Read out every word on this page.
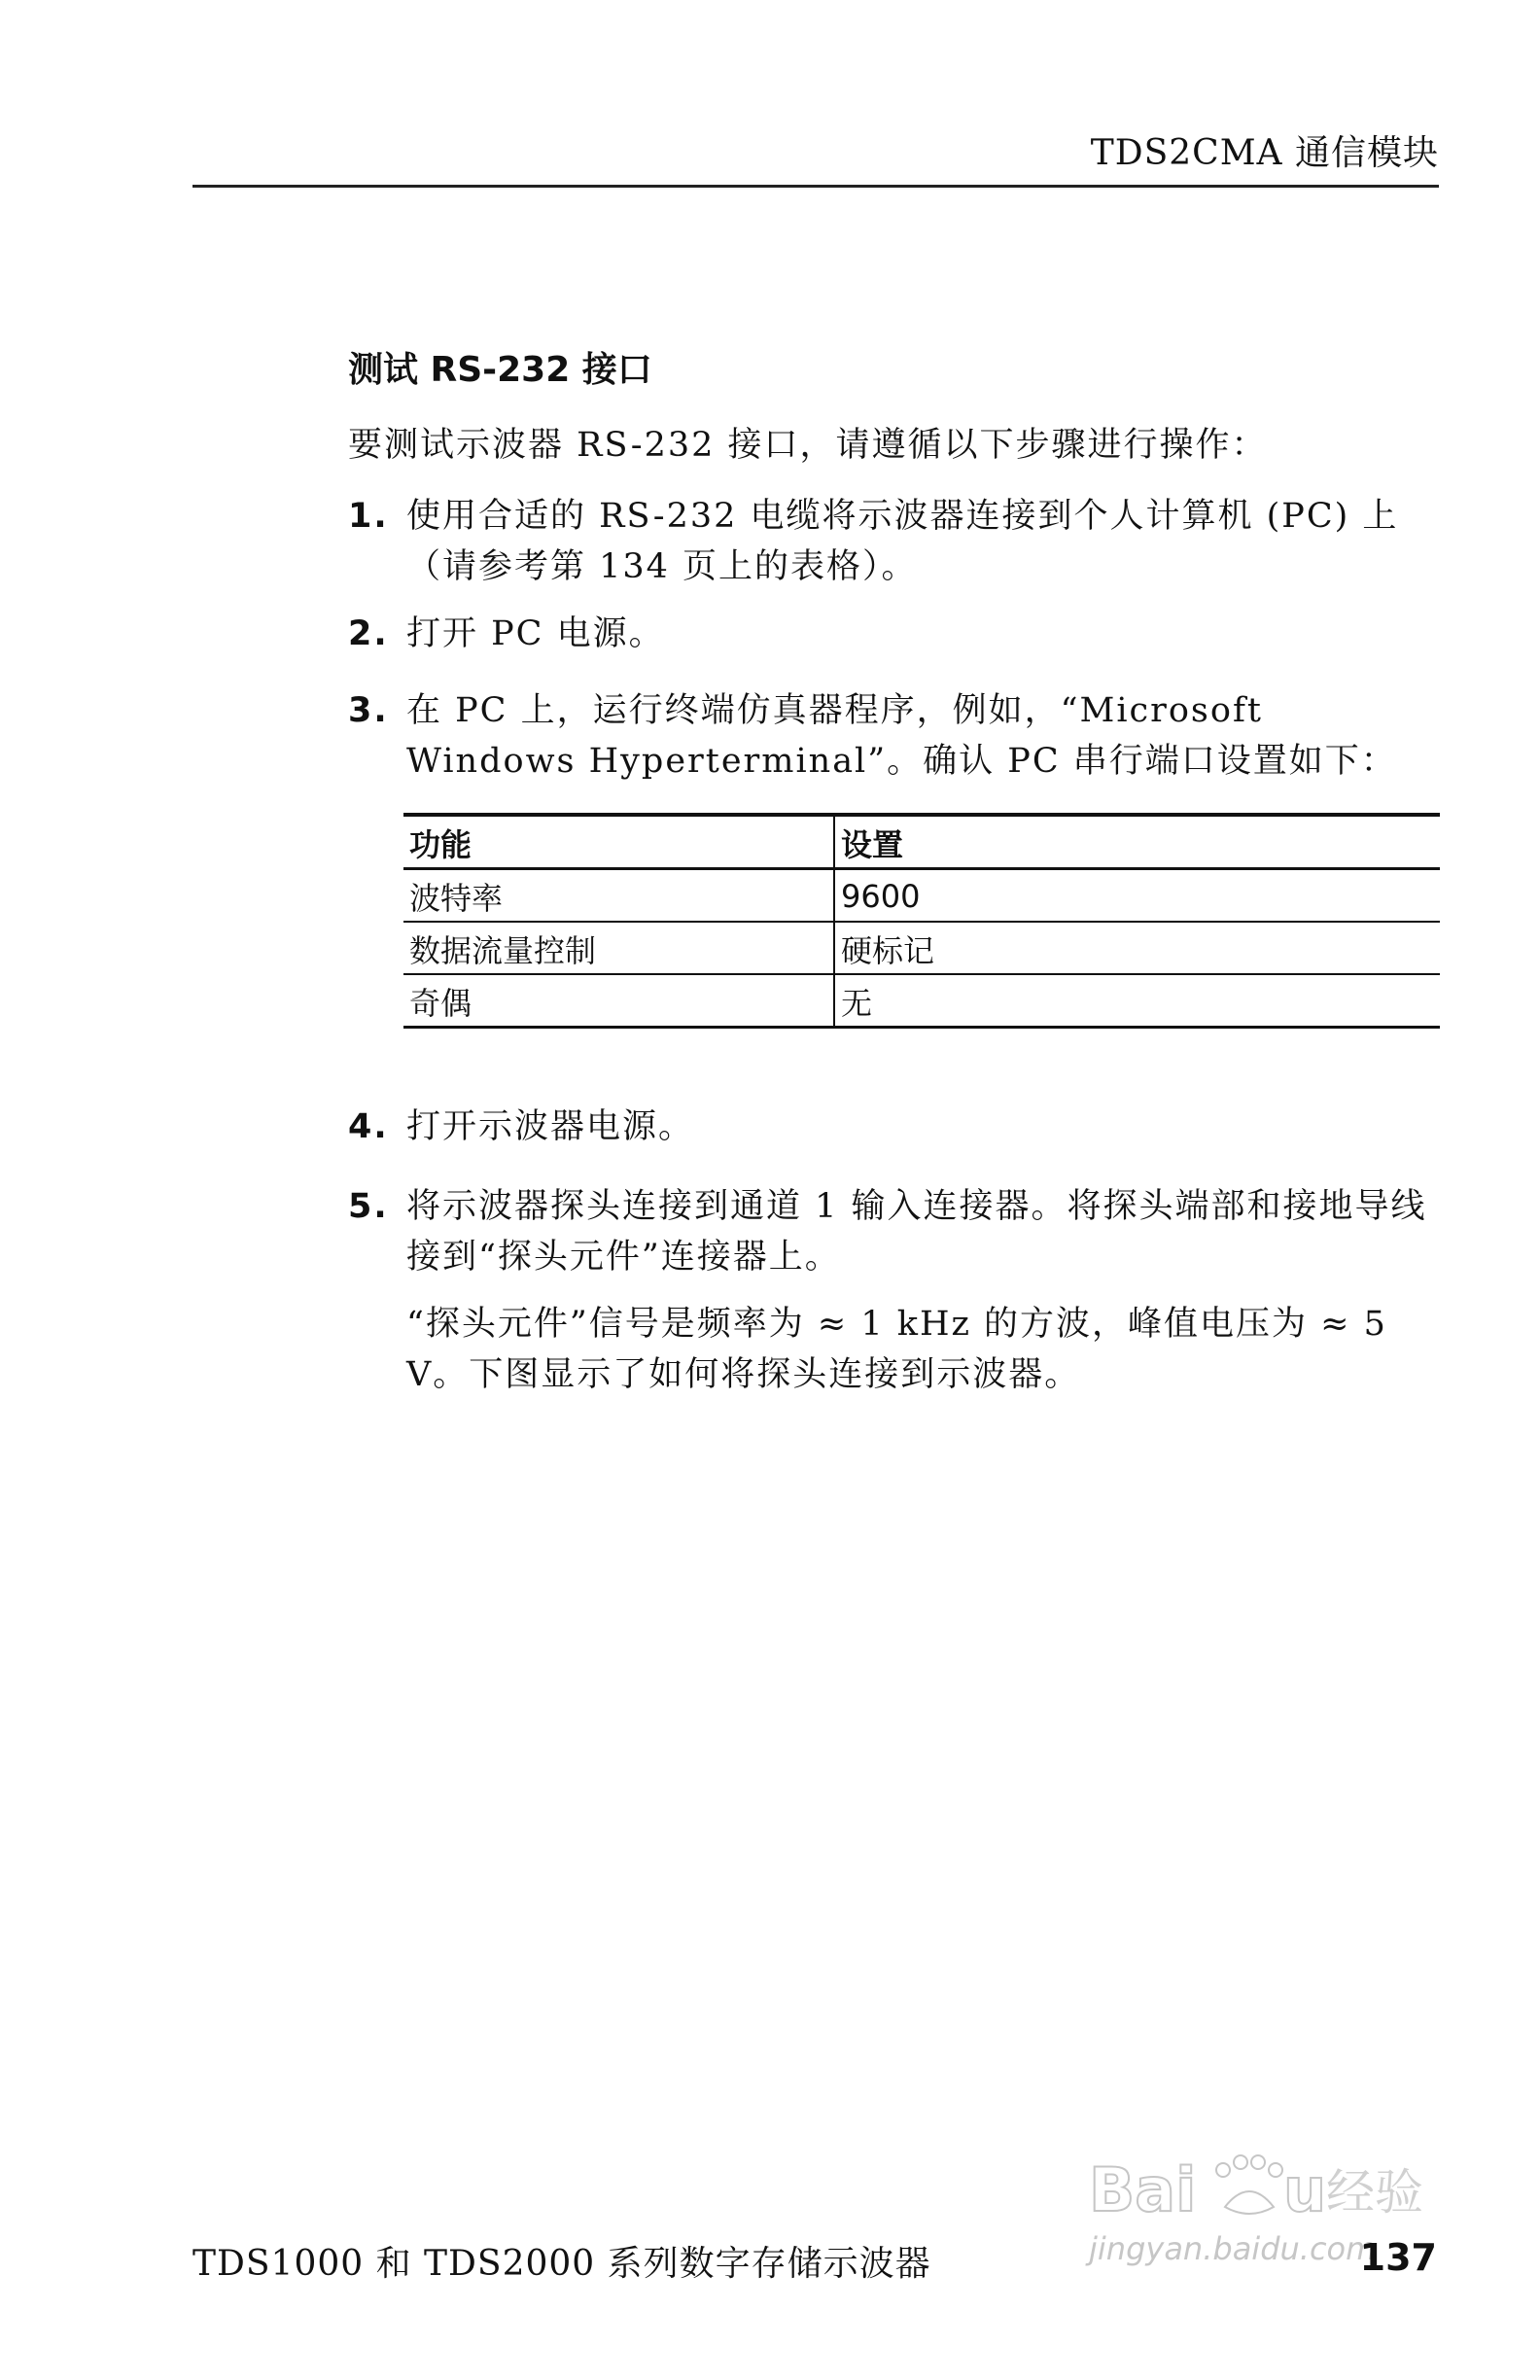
TDS2CMA 通信模块
测试 RS-232 接口
要测试示波器 RS-232 接口，请遵循以下步骤进行操作：
1. 使用合适的 RS-232 电缆将示波器连接到个人计算机 (PC) 上（请参考第 134 页上的表格）。
2. 打开 PC 电源。
3. 在 PC 上，运行终端仿真器程序，例如，“Microsoft Windows Hyperterminal”。确认 PC 串行端口设置如下：
功能	设置
波特率	9600
数据流量控制	硬标记
奇偶	无
4. 打开示波器电源。
5. 将示波器探头连接到通道 1 输入连接器。将探头端部和接地导线接到“探头元件”连接器上。
“探头元件”信号是频率为 ≈ 1 kHz 的方波，峰值电压为 ≈ 5 V。下图显示了如何将探头连接到示波器。
Bai u 经验
jingyan.baidu.com
TDS1000 和 TDS2000 系列数字存储示波器	137
